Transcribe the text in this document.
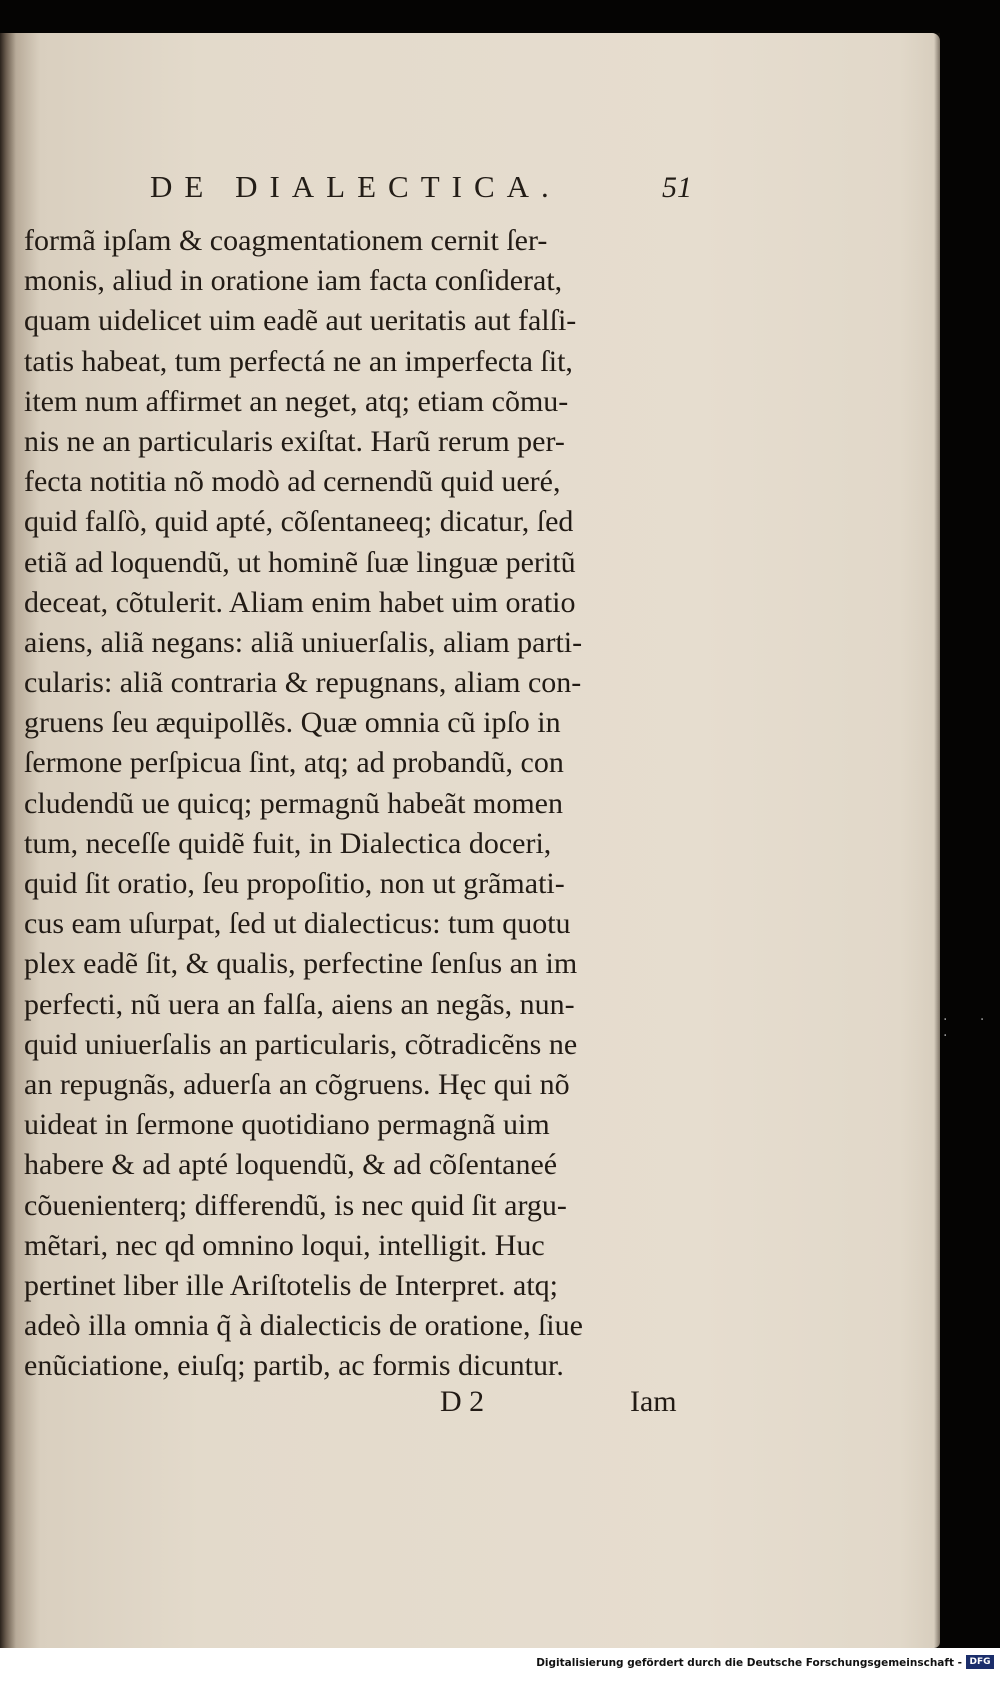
DE DIALECTICA.	51
formã ipſam & coagmentationem cernit ſer-
monis, aliud in oratione iam facta conſiderat,
quam uidelicet uim eadẽ aut ueritatis aut falſi-
tatis habeat, tum perfectá ne an imperfecta ſit,
item num affirmet an neget, atq; etiam cõmu-
nis ne an particularis exiſtat. Harũ rerum per-
fecta notitia nõ modò ad cernendũ quid ueré,
quid falſò, quid apté, cõſentaneeq; dicatur, ſed
etiã ad loquendũ, ut hominẽ ſuæ linguæ peritũ
deceat, cõtulerit. Aliam enim habet uim oratio
aiens, aliã negans: aliã uniuerſalis, aliam parti-
cularis: aliã contraria & repugnans, aliam con-
gruens ſeu æquipollẽs. Quæ omnia cũ ipſo in
ſermone perſpicua ſint, atq; ad probandũ, con
cludendũ ue quicq; permagnũ habeãt momen
tum, neceſſe quidẽ fuit, in Dialectica doceri,
quid ſit oratio, ſeu propoſitio, non ut grãmati-
cus eam uſurpat, ſed ut dialecticus: tum quotu
plex eadẽ ſit, & qualis, perfectine ſenſus an im
perfecti, nũ uera an falſa, aiens an negãs, nun-
quid uniuerſalis an particularis, cõtradicẽns ne
an repugnãs, aduerſa an cõgruens. Hęc qui nõ
uideat in ſermone quotidiano permagnã uim
habere & ad apté loquendũ, & ad cõſentaneé
cõuenienterq; differendũ, is nec quid ſit argu-
mẽtari, nec qd omnino loqui, intelligit. Huc
pertinet liber ille Ariſtotelis de Interpret. atq;
adeò illa omnia q̃ à dialecticis de oratione, ſiue
enũciatione, eiuſq; partib, ac formis dicuntur.
D 2	Iam
· · ·
Digitalisierung gefördert durch die Deutsche Forschungsgemeinschaft - DFG
